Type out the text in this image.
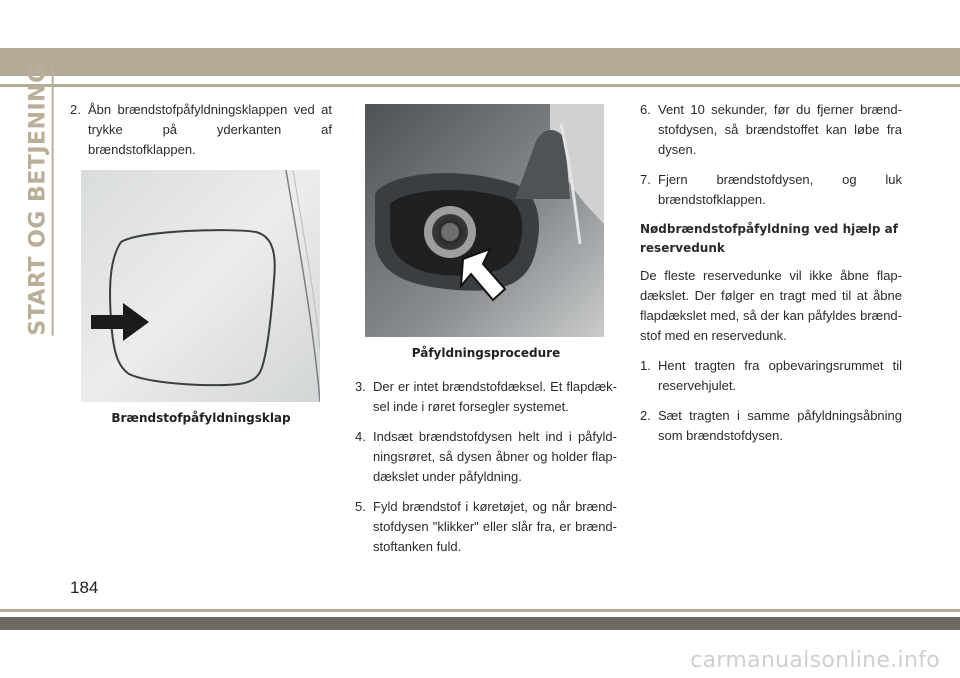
START OG BETJENING 2. Åbn brændstofpåfyldningsklappen ved at trykke på yderkanten af brændstofklappen.
Brændstofpåfyldningsklap
Påfyldningsprocedure
3. Der er intet brændstofdæksel. Et flapdæksel inde i røret forsegler systemet.
4. Indsæt brændstofdysen helt ind i påfyldningsrøret, så dysen åbner og holder flapdækslet under påfyldning.
5. Fyld brændstof i køretøjet, og når brændstofdysen "klikker" eller slår fra, er brændstoftanken fuld.
6. Vent 10 sekunder, før du fjerner brændstofdysen, så brændstoffet kan løbe fra dysen.
7. Fjern brændstofdysen, og luk brændstofklappen.
Nødbrændstofpåfyldning ved hjælp af reservedunk

De fleste reservedunke vil ikke åbne flapdækslet. Der følger en tragt med til at åbne flapdækslet med, så der kan påfyldes brændstof med en reservedunk.

1. Hent tragten fra opbevaringsrummet til reservehjulet.
2. Sæt tragten i samme påfyldningsåbning som brændstofdysen.
184
carmanualsonline.info
